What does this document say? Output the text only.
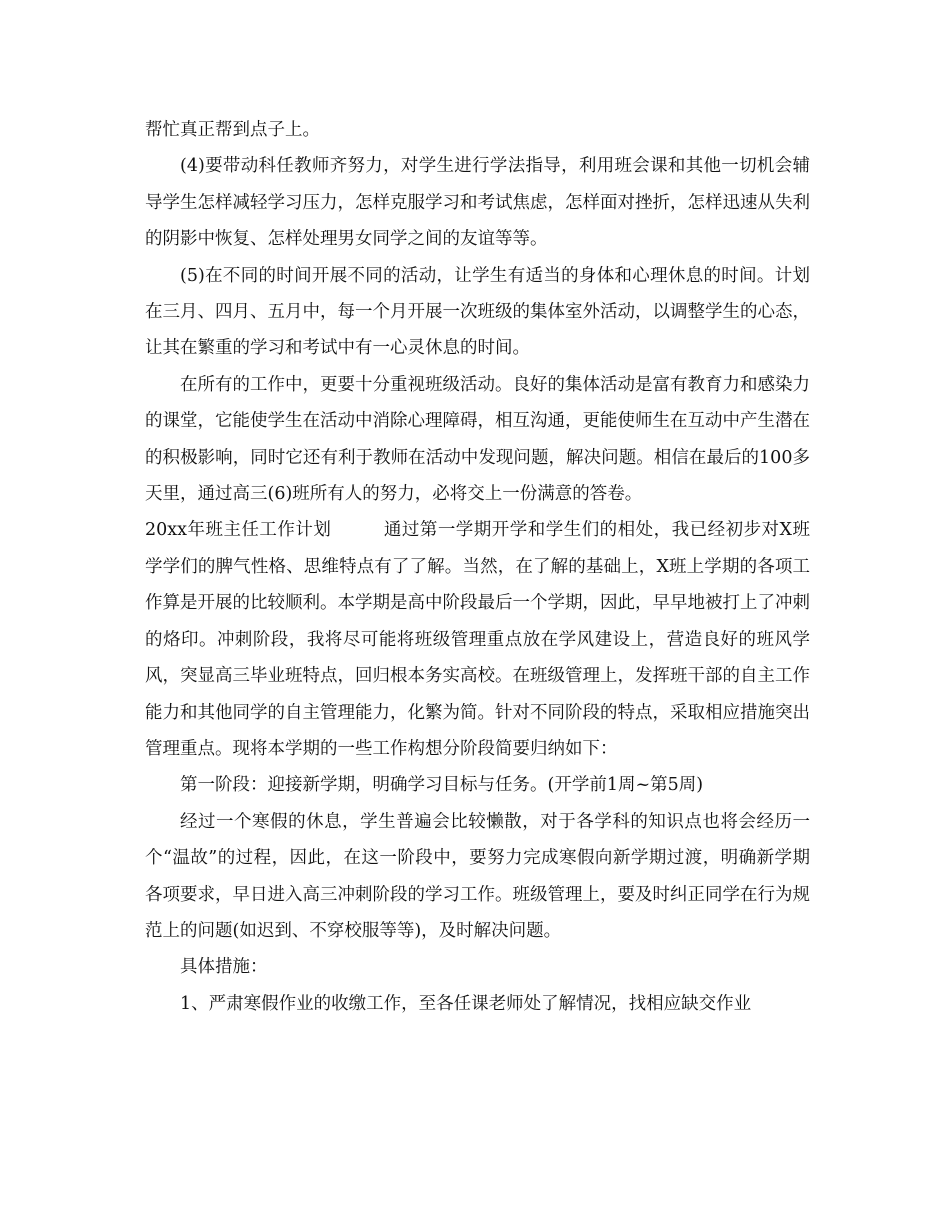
帮忙真正帮到点子上。

(4)要带动科任教师齐努力，对学生进行学法指导，利用班会课和其他一切机会辅导学生怎样减轻学习压力，怎样克服学习和考试焦虑，怎样面对挫折，怎样迅速从失利的阴影中恢复、怎样处理男女同学之间的友谊等等。

(5)在不同的时间开展不同的活动，让学生有适当的身体和心理休息的时间。计划在三月、四月、五月中，每一个月开展一次班级的集体室外活动，以调整学生的心态，让其在繁重的学习和考试中有一心灵休息的时间。

在所有的工作中，更要十分重视班级活动。良好的集体活动是富有教育力和感染力的课堂，它能使学生在活动中消除心理障碍，相互沟通，更能使师生在互动中产生潜在的积极影响，同时它还有利于教师在活动中发现问题，解决问题。相信在最后的100多天里，通过高三(6)班所有人的努力，必将交上一份满意的答卷。

20xx年班主任工作计划	通过第一学期开学和学生们的相处，我已经初步对X班学学们的脾气性格、思维特点有了了解。当然，在了解的基础上，X班上学期的各项工作算是开展的比较顺利。本学期是高中阶段最后一个学期，因此，早早地被打上了冲刺的烙印。冲刺阶段，我将尽可能将班级管理重点放在学风建设上，营造良好的班风学风，突显高三毕业班特点，回归根本务实高校。在班级管理上，发挥班干部的自主工作能力和其他同学的自主管理能力，化繁为简。针对不同阶段的特点，采取相应措施突出管理重点。现将本学期的一些工作构想分阶段简要归纳如下：

第一阶段：迎接新学期，明确学习目标与任务。(开学前1周~第5周)

经过一个寒假的休息，学生普遍会比较懒散，对于各学科的知识点也将会经历一个“温故”的过程，因此，在这一阶段中，要努力完成寒假向新学期过渡，明确新学期各项要求，早日进入高三冲刺阶段的学习工作。班级管理上，要及时纠正同学在行为规范上的问题(如迟到、不穿校服等等)，及时解决问题。

具体措施：

1、严肃寒假作业的收缴工作，至各任课老师处了解情况，找相应缺交作业
